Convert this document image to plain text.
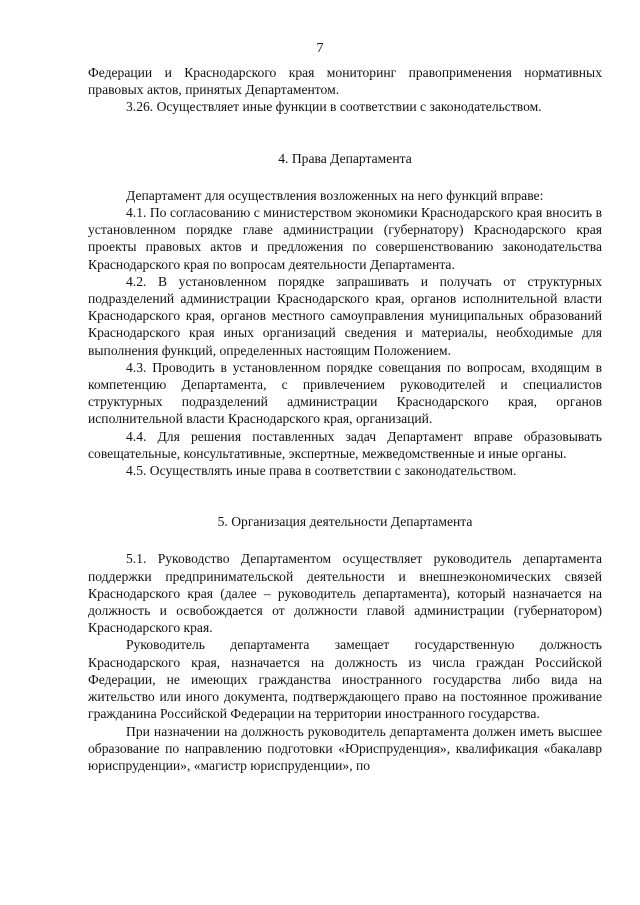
7

Федерации и Краснодарского края мониторинг правоприменения нормативных правовых актов, принятых Департаментом.

3.26. Осуществляет иные функции в соответствии с законодательством.

4. Права Департамента

Департамент для осуществления возложенных на него функций вправе:

4.1. По согласованию с министерством экономики Краснодарского края вносить в установленном порядке главе администрации (губернатору) Краснодарского края проекты правовых актов и предложения по совершенствованию законодательства Краснодарского края по вопросам деятельности Департамента.

4.2. В установленном порядке запрашивать и получать от структурных подразделений администрации Краснодарского края, органов исполнительной власти Краснодарского края, органов местного самоуправления муниципальных образований Краснодарского края иных организаций сведения и материалы, необходимые для выполнения функций, определенных настоящим Положением.

4.3. Проводить в установленном порядке совещания по вопросам, входящим в компетенцию Департамента, с привлечением руководителей и специалистов структурных подразделений администрации Краснодарского края, органов исполнительной власти Краснодарского края, организаций.

4.4. Для решения поставленных задач Департамент вправе образовывать совещательные, консультативные, экспертные, межведомственные и иные органы.

4.5. Осуществлять иные права в соответствии с законодательством.

5. Организация деятельности Департамента

5.1. Руководство Департаментом осуществляет руководитель департамента поддержки предпринимательской деятельности и внешнеэкономических связей Краснодарского края (далее – руководитель департамента), который назначается на должность и освобождается от должности главой администрации (губернатором) Краснодарского края.

Руководитель департамента замещает государственную должность Краснодарского края, назначается на должность из числа граждан Российской Федерации, не имеющих гражданства иностранного государства либо вида на жительство или иного документа, подтверждающего право на постоянное проживание гражданина Российской Федерации на территории иностранного государства.

При назначении на должность руководитель департамента должен иметь высшее образование по направлению подготовки «Юриспруденция», квалификация «бакалавр юриспруденции», «магистр юриспруденции», по
